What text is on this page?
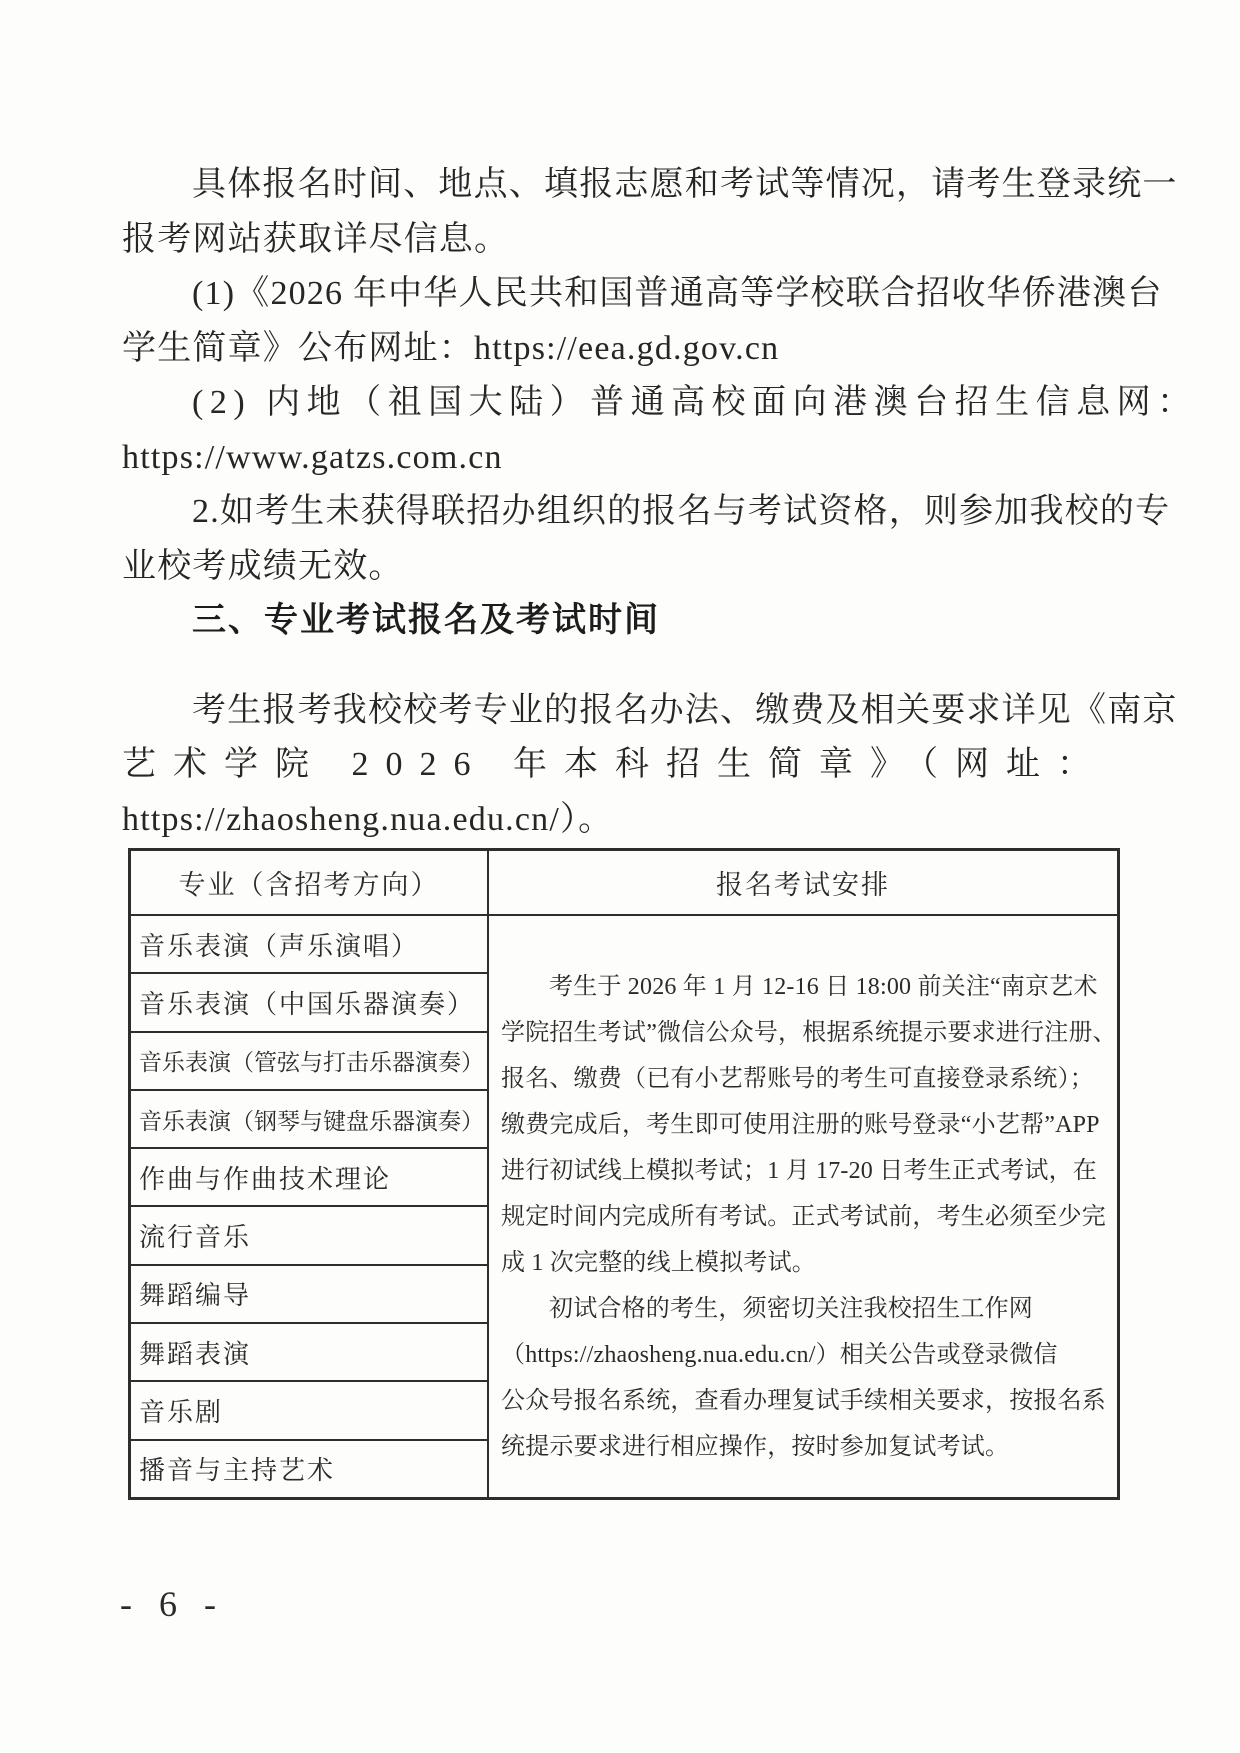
具体报名时间、地点、填报志愿和考试等情况，请考生登录统一
报考网站获取详尽信息。
(1)《2026 年中华人民共和国普通高等学校联合招收华侨港澳台
学生简章》公布网址：https://eea.gd.gov.cn
(2) 内地（祖国大陆）普通高校面向港澳台招生信息网：
https://www.gatzs.com.cn
2.如考生未获得联招办组织的报名与考试资格，则参加我校的专
业校考成绩无效。
三、专业考试报名及考试时间
考生报考我校校考专业的报名办法、缴费及相关要求详见《南京
艺术学院 2026 年本科招生简章》（网址：
https://zhaosheng.nua.edu.cn/）。
专业（含招考方向）	报名考试安排
音乐表演（声乐演唱）
音乐表演（中国乐器演奏）
音乐表演（管弦与打击乐器演奏）
音乐表演（钢琴与键盘乐器演奏）
作曲与作曲技术理论
流行音乐
舞蹈编导
舞蹈表演
音乐剧
播音与主持艺术
考生于 2026 年 1 月 12-16 日 18:00 前关注“南京艺术
学院招生考试”微信公众号，根据系统提示要求进行注册、
报名、缴费（已有小艺帮账号的考生可直接登录系统）；
缴费完成后，考生即可使用注册的账号登录“小艺帮”APP
进行初试线上模拟考试；1 月 17-20 日考生正式考试，在
规定时间内完成所有考试。正式考试前，考生必须至少完
成 1 次完整的线上模拟考试。
初试合格的考生，须密切关注我校招生工作网
（https://zhaosheng.nua.edu.cn/）相关公告或登录微信
公众号报名系统，查看办理复试手续相关要求，按报名系
统提示要求进行相应操作，按时参加复试考试。
- 6 -
